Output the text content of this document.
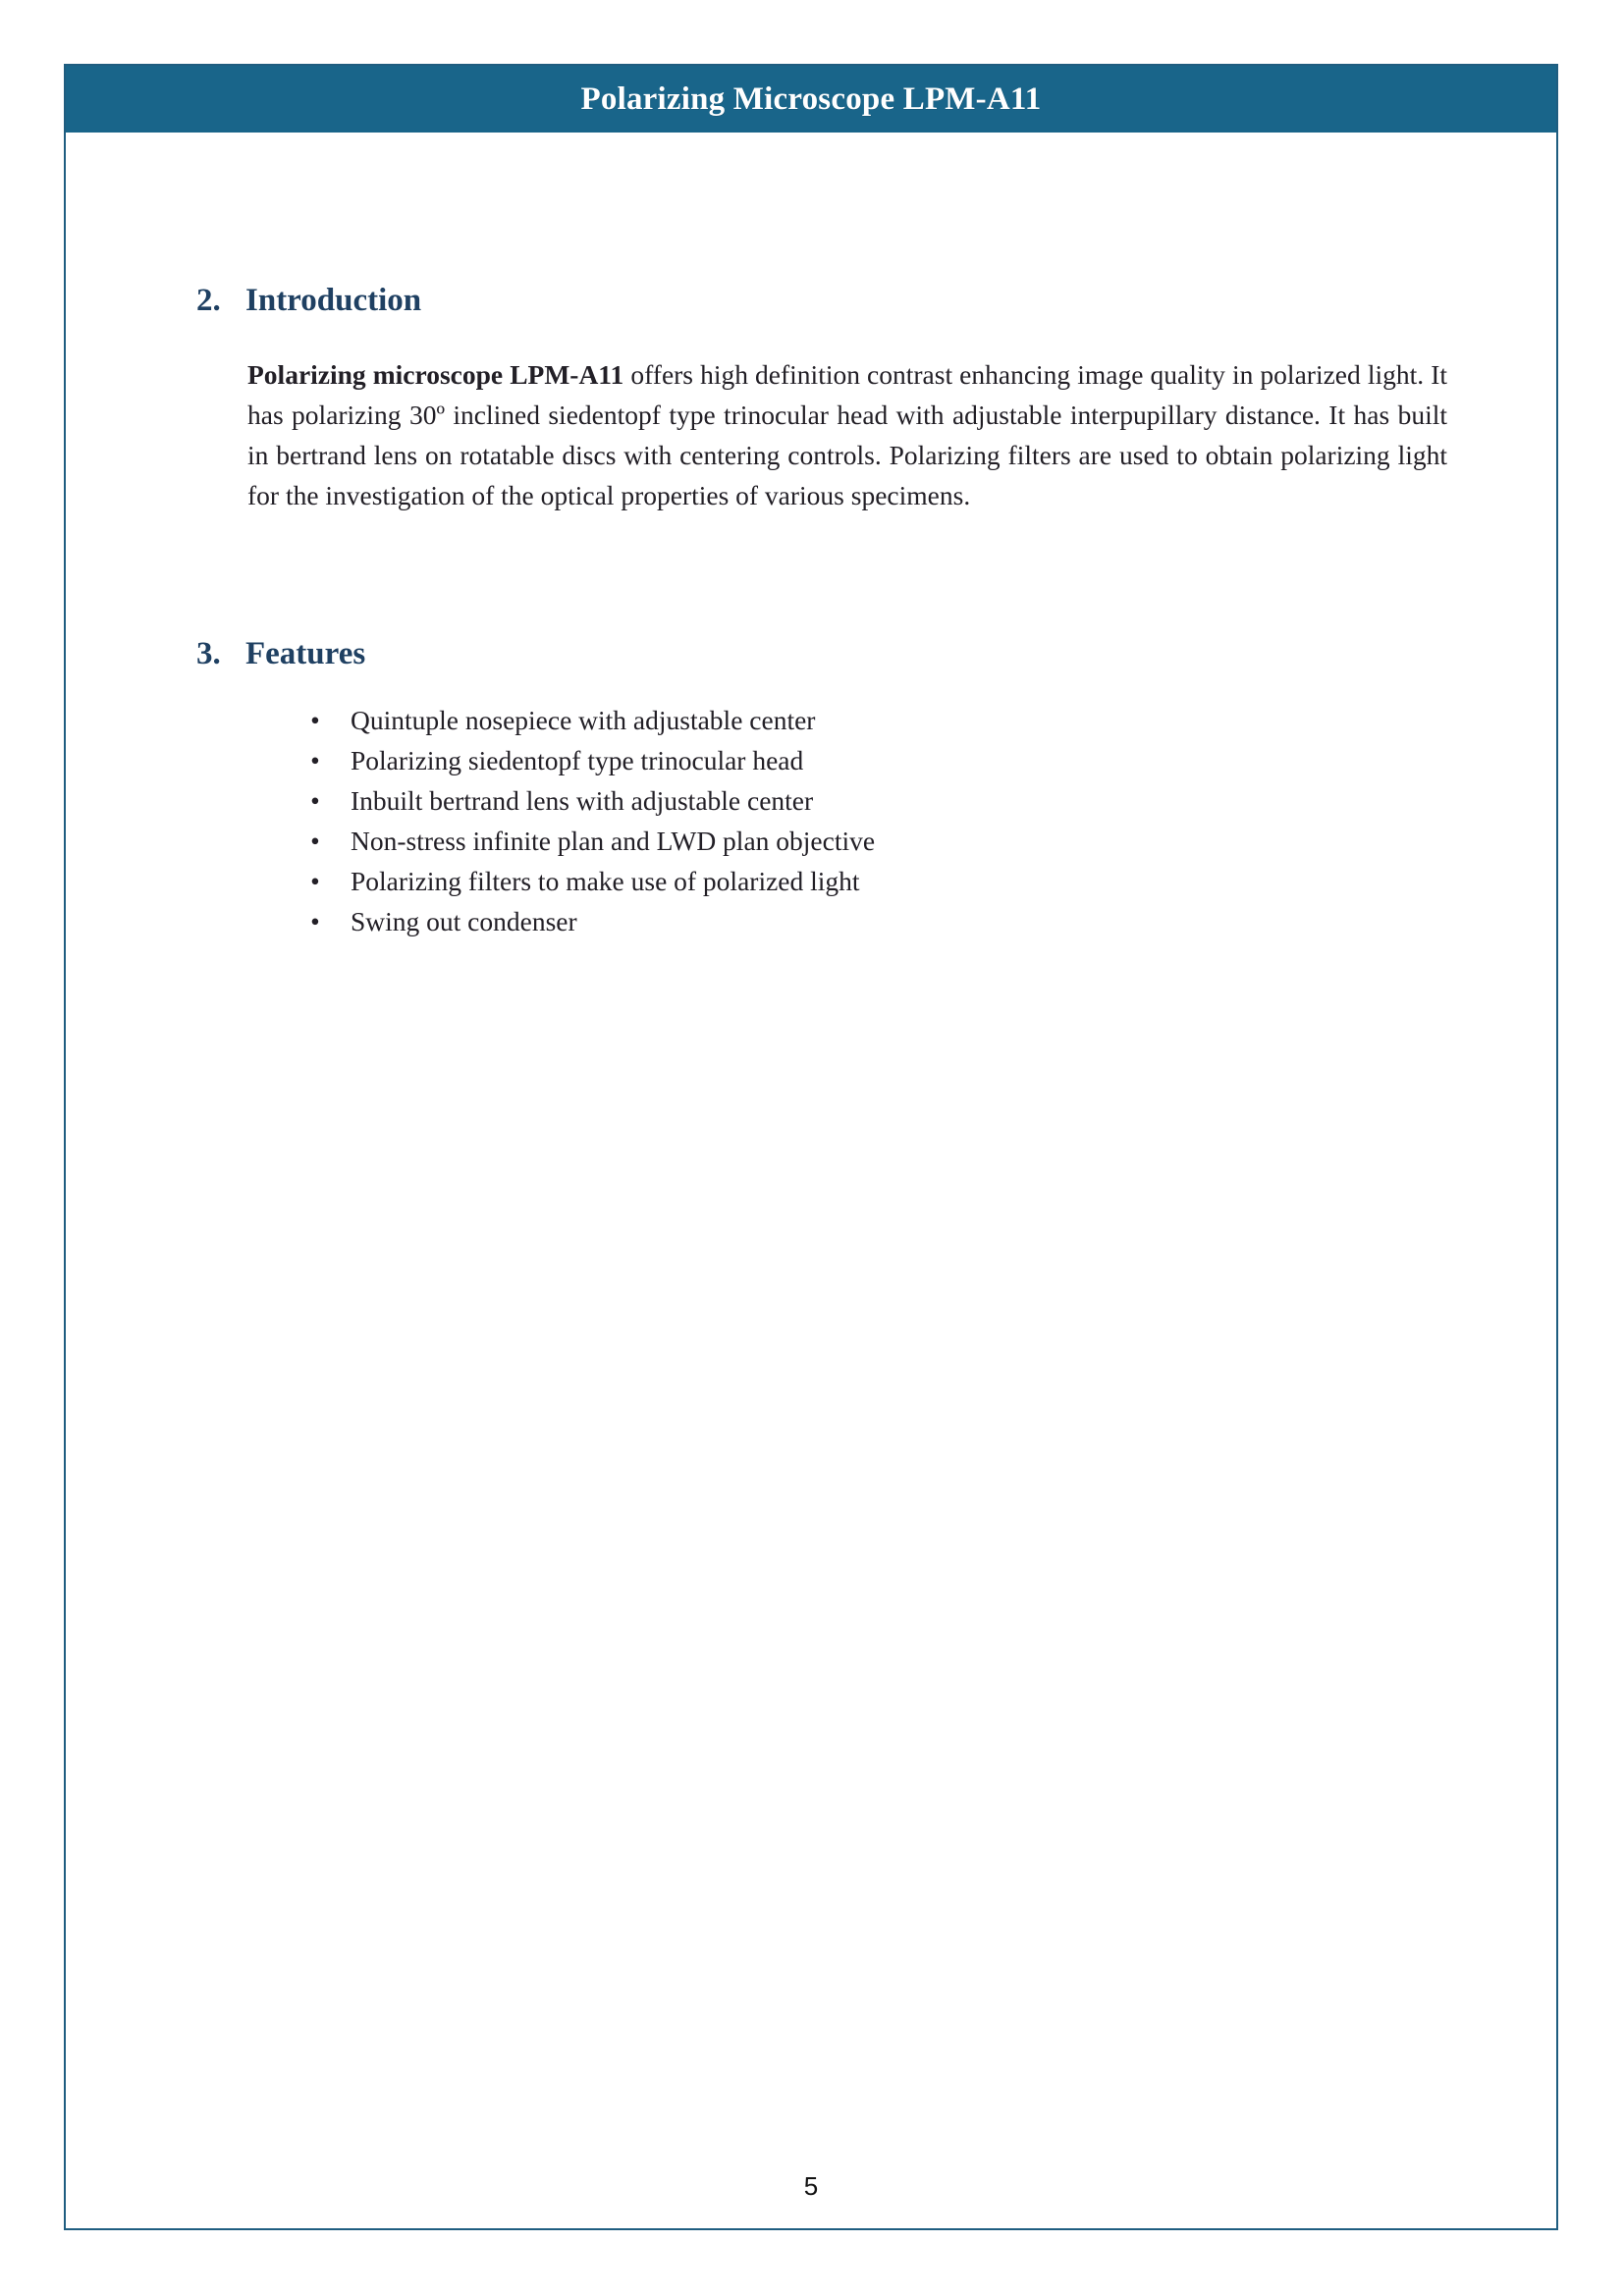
Polarizing Microscope LPM-A11
2. Introduction

Polarizing microscope LPM-A11 offers high definition contrast enhancing image quality in polarized light. It has polarizing 30º inclined siedentopf type trinocular head with adjustable interpupillary distance. It has built in bertrand lens on rotatable discs with centering controls. Polarizing filters are used to obtain polarizing light for the investigation of the optical properties of various specimens.

3. Features
• Quintuple nosepiece with adjustable center
• Polarizing siedentopf type trinocular head
• Inbuilt bertrand lens with adjustable center
• Non-stress infinite plan and LWD plan objective
• Polarizing filters to make use of polarized light
• Swing out condenser
5
